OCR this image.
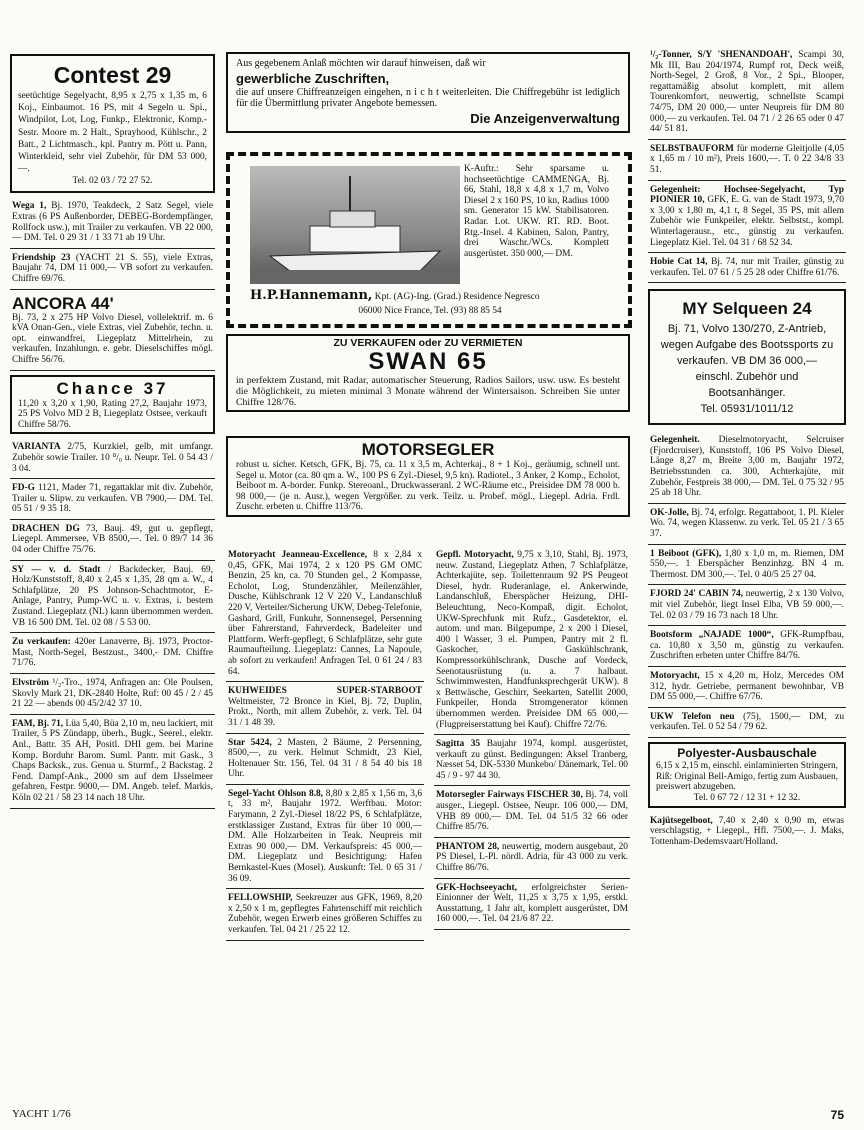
Contest 29
seetüchtige Segelyacht, 8,95 x 2,75 x 1,35 m, 6 Koj., Einbaumot. 16 PS, mit 4 Segeln u. Spi., Windpilot, Lot, Log, Funkp., Elektronic, Komp.-Sestr. Moore m. 2 Halt., Sprayhood, Kühlschr., 2 Batt., 2 Lichtmasch., kpl. Pantry m. Pött u. Pann, Winterkleid, sehr viel Zubehör, für DM 53 000,—.
Tel. 02 03 / 72 27 52.
Wega 1, Bj. 1970, Teakdeck, 2 Satz Segel, viele Extras (6 PS Außenborder, DEBEG-Bordempfänger, Rollfock usw.), mit Trailer zu verkaufen. VB 22 000,— DM. Tel. 0 29 31 / 1 33 71 ab 19 Uhr.
Friendship 23 (YACHT 21 S. 55), viele Extras, Baujahr 74, DM 11 000,— VB sofort zu verkaufen. Chiffre 69/76.
ANCORA 44'
Bj. 73, 2 x 275 HP Volvo Diesel, vollelektrif. m. 6 kVA Onan-Gen., viele Extras, viel Zubehör, techn. u. opt. einwandfrei, Liegeplatz Mittelrhein, zu verkaufen. Inzahlungn. e. gebr. Dieselschiffes mögl. Chiffre 56/76.
Chance 37
11,20 x 3,20 x 1,90, Rating 27,2, Baujahr 1973, 25 PS Volvo MD 2 B, Liegeplatz Ostsee, verkauft Chiffre 58/76.
VARIANTA 2/75, Kurzkiel, gelb, mit umfangr. Zubehör sowie Trailer. 10 ⁰/₀ u. Neupr. Tel. 0 54 43 / 3 04.
FD-G 1121, Mader 71, regattaklar mit div. Zubehör, Trailer u. Slipw. zu verkaufen. VB 7900,— DM. Tel. 05 51 / 9 35 18.
DRACHEN DG 73, Bauj. 49, gut u. gepflegt, Liegepl. Ammersee, VB 8500,—. Tel. 0 89/7 14 36 04 oder Chiffre 75/76.
SY — v. d. Stadt / Backdecker, Bauj. 69, Holz/Kunststoff, 8,40 x 2,45 x 1,35, 28 qm a. W., 4 Schlafplätze, 20 PS Johnson-Schachtmotor, E-Anlage, Pantry, Pump-WC u. v. Extras, i. bestem Zustand. Liegeplatz (NL) kann übernommen werden. VB 16 500 DM. Tel. 02 08 / 5 53 00.
Zu verkaufen: 420er Lanaverre, Bj. 1973, Proctor-Mast, North-Segel, Bestzust., 3400,- DM. Chiffre 71/76.
Elvström ¹/₂-Tro., 1974, Anfragen an: Ole Poulsen, Skovly Mark 21, DK-2840 Holte, Ruf: 00 45 / 2 / 45 21 22 — abends 00 45/2/42 37 10.
FAM, Bj. 71, Lüa 5,40, Büa 2,10 m, neu lackiert, mit Trailer, 5 PS Zündapp, überh., Bugk., Seerel., elektr. Anl., Battr. 35 AH, Positl. DHI gem. bei Marine Komp. Borduhr Barom. Suml. Pantr. mit Gask., 3 Chaps Backsk., zus. Genua u. Sturmf., 2 Backstag. 2 Fend. Dampf-Ank., 2000 sm auf dem IJsselmeer gefahren, Festpr. 9000,— DM. Angeb. telef. Markis, Köln 02 21 / 58 23 14 nach 18 Uhr.
Aus gegebenem Anlaß möchten wir darauf hinweisen, daß wir
gewerbliche Zuschriften,
die auf unsere Chiffreanzeigen eingehen, n i c h t weiterleiten. Die Chiffregebühr ist lediglich für die Übermittlung privater Angebote bemessen.
Die Anzeigenverwaltung
K-Auftr.: Sehr sparsame u. hochseetüchtige CAMMENGA, Bj. 66, Stahl, 18,8 x 4,8 x 1,7 m, Volvo Diesel 2 x 160 PS, 10 kn, Radius 1000 sm. Generator 15 kW. Stabilisatoren. Radar. Lot. UKW. RT. RD. Boot. Rtg.-Insel. 4 Kabinen, Salon, Pantry, drei Waschr./WCs. Komplett ausgerüstet. 350 000,— DM.
H.P.Hannemann, Kpt. (AG)-Ing. (Grad.) Residence Negresco
06000 Nice France, Tel. (93) 88 85 54
ZU VERKAUFEN oder ZU VERMIETEN
SWAN 65
in perfektem Zustand, mit Radar, automatischer Steuerung, Radios Sailors, usw. usw. Es besteht die Möglichkeit, zu mieten minimal 3 Monate während der Wintersaison. Schreiben Sie unter Chiffre 128/76.
MOTORSEGLER
robust u. sicher. Ketsch, GFK, Bj. 75, ca. 11 x 3,5 m, Achterkaj., 8 + 1 Koj., geräumig, schnell unt. Segel u. Motor (ca. 80 qm a. W., 100 PS 6 Zyl.-Diesel, 9,5 kn). Radiotel., 3 Anker, 2 Komp., Echolot, Beiboot m. A-border. Funkp. Stereoanl., Druckwasseranl. 2 WC-Räume etc., Preisidee DM 78 000 b. 98 000,— (je n. Ausr.), wegen Vergrößer. zu verk. Teilz. u. Probef. mögl., Liegepl. Adria. Frdl. Zuschr. erbeten u. Chiffre 113/76.
Motoryacht Jeanneau-Excellence, 8 x 2,84 x 0,45, GFK, Mai 1974, 2 x 120 PS GM OMC Benzin, 25 kn, ca. 70 Stunden gel., 2 Kompasse, Echolot, Log, Stundenzähler, Meilenzähler, Dusche, Kühlschrank 12 V 220 V., Landanschluß 220 V, Verteiler/Sicherung UKW, Debeg-Telefonie, Gashard, Grill, Funkuhr, Sonnensegel, Persenning über Fahrerstand, Fahrverdeck, Badeleiter und Plattform. Werft-gepflegt, 6 Schlafplätze, sehr gute Raumaufteilung. Liegeplatz: Cannes, La Napoule, ab sofort zu verkaufen! Anfragen Tel. 0 61 24 / 83 64.
KUHWEIDES SUPER-STARBOOT Weltmeister, 72 Bronce in Kiel, Bj. 72, Duplin, Prokt., North, mit allem Zubehör, z. verk. Tel. 04 31 / 1 48 39.
Star 5424, 2 Masten, 2 Bäume, 2 Persenning, 8500,—, zu verk. Helmut Schmidt, 23 Kiel, Holtenauer Str. 156, Tel. 04 31 / 8 54 40 bis 18 Uhr.
Segel-Yacht Ohlson 8.8, 8,80 x 2,85 x 1,56 m, 3,6 t, 33 m², Baujahr 1972. Werftbau. Motor: Farymann, 2 Zyl.-Diesel 18/22 PS, 6 Schlafplätze, erstklassiger Zustand, Extras für über 10 000,— DM. Alle Holzarbeiten in Teak. Neupreis mit Extras 90 000,— DM. Verkaufspreis: 45 000,— DM. Liegeplatz und Besichtigung: Hafen Bernkastel-Kues (Mosel). Auskunft: Tel. 0 65 31 / 36 09.
FELLOWSHIP, Seekreuzer aus GFK, 1969, 8,20 x 2,50 x 1 m, gepflegtes Fahrtenschiff mit reichlich Zubehör, wegen Erwerb eines größeren Schiffes zu verkaufen. Tel. 04 21 / 25 22 12.
Gepfl. Motoryacht, 9,75 x 3,10, Stahl, Bj. 1973, neuw. Zustand, Liegeplatz Athen, 7 Schlafplätze, Achterkajüte, sep. Toilettenraum 92 PS Peugeot Diesel, hydr. Ruderanlage, el. Ankerwinde, Landanschluß, Eberspächer Heizung, DHI-Beleuchtung, Neco-Kompaß, digit. Echolot, UKW-Sprechfunk mit Rufz., Gasdetektor, el. autom. und man. Bilgepumpe, 2 x 200 l Diesel, 400 l Wasser, 3 el. Pumpen, Pantry mit 2 fl. Gaskocher, Gaskühlschrank, Kompressorkühlschrank, Dusche auf Vordeck, Seenotausrüstung (u. a. 7 halbaut. Schwimmwesten, Handfunksprechgerät UKW). 8 x Bettwäsche, Geschirr, Seekarten, Satellit 2000, Funkpeiler, Honda Stromgenerator können übernommen werden. Preisidee DM 65 000,— (Flugpreiserstattung bei Kauf). Chiffre 72/76.
Sagitta 35 Baujahr 1974, kompl. ausgerüstet, verkauft zu günst. Bedingungen: Aksel Tranberg, Næsset 54, DK-5330 Munkebo/ Dänemark, Tel. 00 45 / 9 - 97 44 30.
Motorsegler Fairways FISCHER 30, Bj. 74, voll ausger., Liegepl. Ostsee, Neupr. 106 000,— DM, VHB 89 000,— DM. Tel. 04 51/5 32 66 oder Chiffre 85/76.
PHANTOM 28, neuwertig, modern ausgebaut, 20 PS Diesel, L-Pl. nördl. Adria, für 43 000 zu verk. Chiffre 86/76.
GFK-Hochseeyacht, erfolgreichster Serien-Einionner der Welt, 11,25 x 3,75 x 1,95, erstkl. Ausstattung, 1 Jahr alt, komplett ausgerüstet, DM 160 000,—. Tel. 04 21/6 87 22.
¹/₂-Tonner, S/Y 'SHENANDOAH', Scampi 30, Mk III, Bau 204/1974, Rumpf rot, Deck weiß, North-Segel, 2 Groß, 8 Vor., 2 Spi., Blooper, regattamäßig absolut komplett, mit allem Tourenkomfort, neuwertig, schnellste Scampi 74/75, DM 20 000,— unter Neupreis für DM 80 000,— zu verkaufen. Tel. 04 71 / 2 26 65 oder 0 47 44/ 51 81.
SELBSTBAUFORM für moderne Gleitjolle (4,05 x 1,65 m / 10 m²), Preis 1600,—. T. 0 22 34/8 33 51.
Gelegenheit: Hochsee-Segelyacht, Typ PIONIER 10, GFK, E. G. van de Stadt 1973, 9,70 x 3,00 x 1,80 m, 4,1 t, 8 Segel, 35 PS, mit allem Zubehör wie Funkpeiler, elektr. Selbstst., kompl. Winterlagerausr., etc., günstig zu verkaufen. Liegeplatz Kiel. Tel. 04 31 / 68 52 34.
Hobie Cat 14, Bj. 74, nur mit Trailer, günstig zu verkaufen. Tel. 07 61 / 5 25 28 oder Chiffre 61/76.
MY Selqueen 24
Bj. 71, Volvo 130/270, Z-Antrieb, wegen Aufgabe des Bootssports zu verkaufen. VB DM 36 000,— einschl. Zubehör und Bootsanhänger.
Tel. 05931/1011/12
Gelegenheit. Dieselmotoryacht, Selcruiser (Fjordcruiser), Kunststoff, 106 PS Volvo Diesel, Länge 8,27 m, Breite 3,00 m, Baujahr 1972, Betriebsstunden ca. 300, Achterkajüte, mit Zubehör, Festpreis 38 000,— DM. Tel. 0 75 32 / 95 25 ab 18 Uhr.
OK-Jolle, Bj. 74, erfolgr. Regattaboot, 1. Pl. Kieler Wo. 74, wegen Klassenw. zu verk. Tel. 05 21 / 3 65 37.
1 Beiboot (GFK), 1,80 x 1,0 m, m. Riemen, DM 550,—. 1 Eberspächer Benzinhzg. BN 4 m. Thermost. DM 300,—. Tel. 0 40/5 25 27 04.
FJORD 24' CABIN 74, neuwertig, 2 x 130 Volvo, mit viel Zubehör, liegt Insel Elba, VB 59 000,—. Tel. 02 03 / 79 16 73 nach 18 Uhr.
Bootsform „NAJADE 1000“, GFK-Rumpfbau, ca. 10,80 x 3,50 m, günstig zu verkaufen. Zuschriften erbeten unter Chiffre 84/76.
Motoryacht, 15 x 4,20 m, Holz, Mercedes OM 312, hydr. Getriebe, permanent bewohnbar, VB DM 55 000,—. Chiffre 67/76.
UKW Telefon neu (75), 1500,— DM, zu verkaufen. Tel. 0 52 54 / 79 62.
Polyester-Ausbauschale
6,15 x 2,15 m, einschl. einlaminierten Stringern, Riß: Original Bell-Amigo, fertig zum Ausbauen, preiswert abzugeben.
Tel. 0 67 72 / 12 31 + 12 32.
Kajütsegelboot, 7,40 x 2,40 x 0,90 m, etwas verschlagstig, + Liegepl., Hfl. 7500,—. J. Maks, Tottenham-Dedemsvaart/Holland.
YACHT 1/76	75
